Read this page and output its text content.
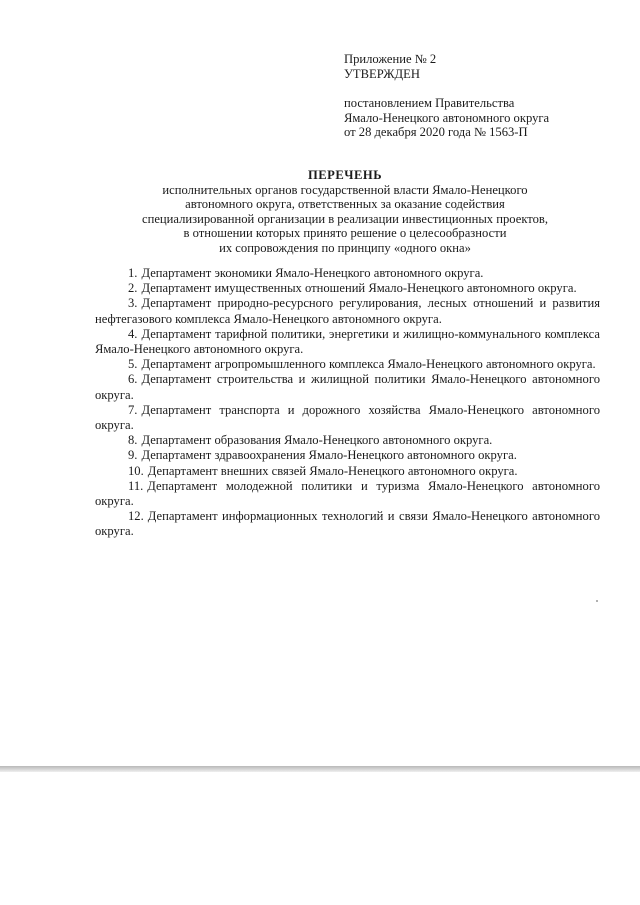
Приложение № 2
УТВЕРЖДЕН
постановлением Правительства
Ямало-Ненецкого автономного округа
от 28 декабря 2020 года № 1563-П
ПЕРЕЧЕНЬ
исполнительных органов государственной власти Ямало-Ненецкого
автономного округа, ответственных за оказание содействия
специализированной организации в реализации инвестиционных проектов,
в отношении которых принято решение о целесообразности
их сопровождения по принципу «одного окна»

1. Департамент экономики Ямало-Ненецкого автономного округа.

2. Департамент имущественных отношений Ямало-Ненецкого автономного округа.

3. Департамент природно-ресурсного регулирования, лесных отношений и развития нефтегазового комплекса Ямало-Ненецкого автономного округа.

4. Департамент тарифной политики, энергетики и жилищно-коммунального комплекса Ямало-Ненецкого автономного округа.

5. Департамент агропромышленного комплекса Ямало-Ненецкого автономного округа.

6. Департамент строительства и жилищной политики Ямало-Ненецкого автономного округа.

7. Департамент транспорта и дорожного хозяйства Ямало-Ненецкого автономного округа.

8. Департамент образования Ямало-Ненецкого автономного округа.

9. Департамент здравоохранения Ямало-Ненецкого автономного округа.

10. Департамент внешних связей Ямало-Ненецкого автономного округа.

11. Департамент молодежной политики и туризма Ямало-Ненецкого автономного округа.

12. Департамент информационных технологий и связи Ямало-Ненецкого автономного округа.
